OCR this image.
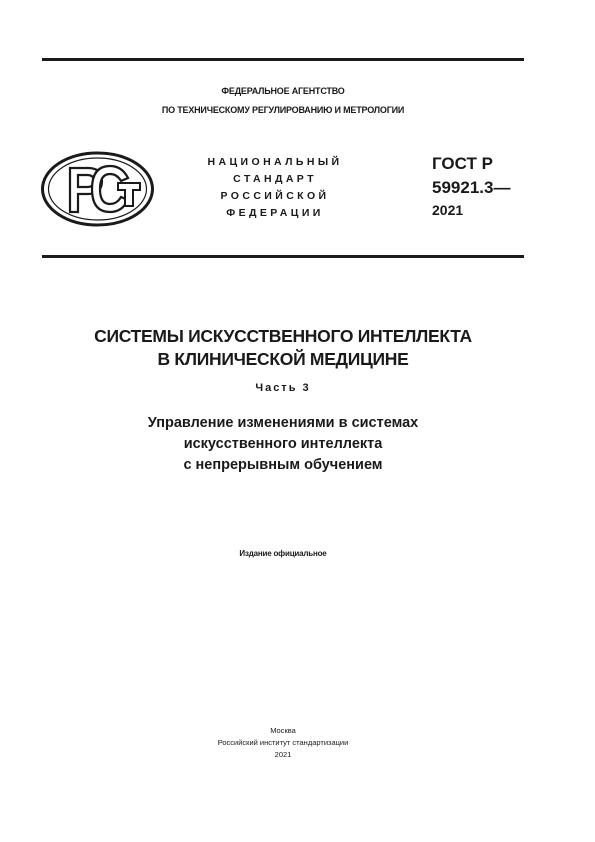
ФЕДЕРАЛЬНОЕ АГЕНТСТВО
ПО ТЕХНИЧЕСКОМУ РЕГУЛИРОВАНИЮ И МЕТРОЛОГИИ
НАЦИОНАЛЬНЫЙ
СТАНДАРТ
РОССИЙСКОЙ
ФЕДЕРАЦИИ
ГОСТ Р
59921.3—
2021
СИСТЕМЫ ИСКУССТВЕННОГО ИНТЕЛЛЕКТА
В КЛИНИЧЕСКОЙ МЕДИЦИНЕ
Часть 3
Управление изменениями в системах
искусственного интеллекта
с непрерывным обучением
Издание официальное
Москва
Российский институт стандартизации
2021
